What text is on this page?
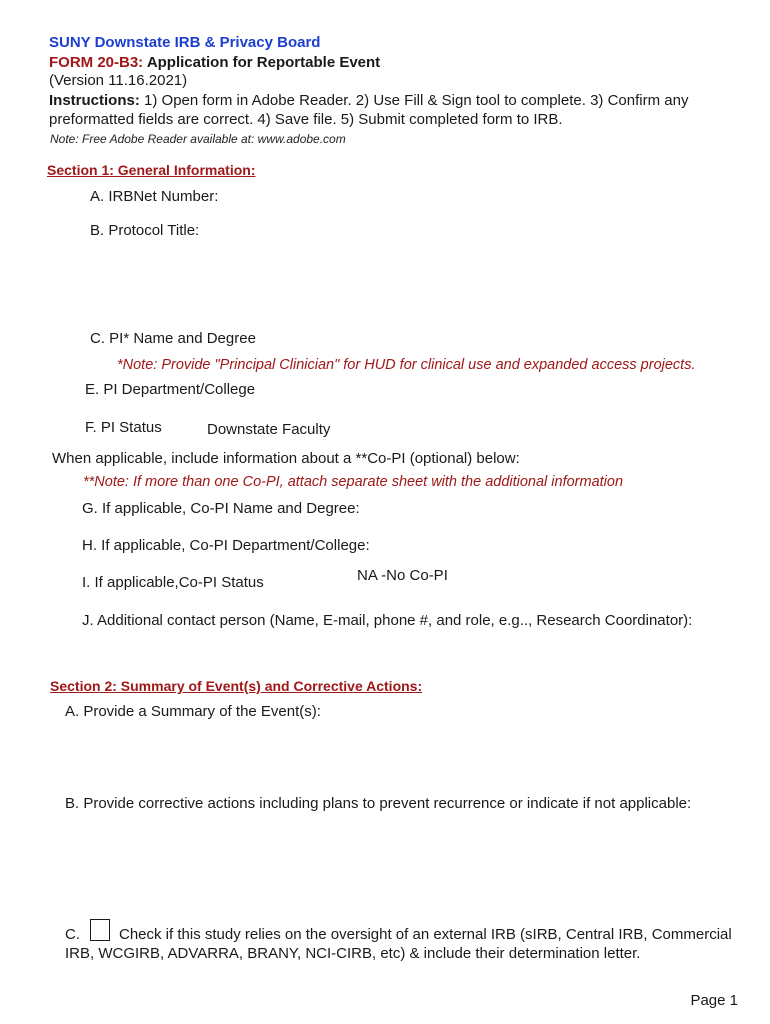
SUNY Downstate IRB & Privacy Board
FORM 20-B3: Application for Reportable Event
(Version 11.16.2021)
Instructions: 1) Open form in Adobe Reader. 2) Use Fill & Sign tool to complete. 3) Confirm any preformatted fields are correct. 4) Save file. 5) Submit completed form to IRB.
Note: Free Adobe Reader available at: www.adobe.com
Section 1: General Information:
A. IRBNet Number:
B. Protocol Title:
C. PI* Name and Degree
*Note: Provide "Principal Clinician" for HUD for clinical use and expanded access projects.
E. PI Department/College
F. PI Status	Downstate Faculty
When applicable, include information about a **Co-PI (optional) below:
**Note: If more than one Co-PI, attach separate sheet with the additional information
G. If applicable, Co-PI Name and Degree:
H. If applicable, Co-PI Department/College:
I. If applicable,Co-PI Status	NA -No Co-PI
J. Additional contact person (Name, E-mail, phone #, and role, e.g.., Research Coordinator):
Section 2: Summary of Event(s) and Corrective Actions:
A. Provide a Summary of the Event(s):
B. Provide corrective actions including plans to prevent recurrence or indicate if not applicable:
C.	Check if this study relies on the oversight of an external IRB (sIRB, Central IRB, Commercial
IRB, WCGIRB, ADVARRA, BRANY, NCI-CIRB, etc) & include their determination letter.
Page 1
